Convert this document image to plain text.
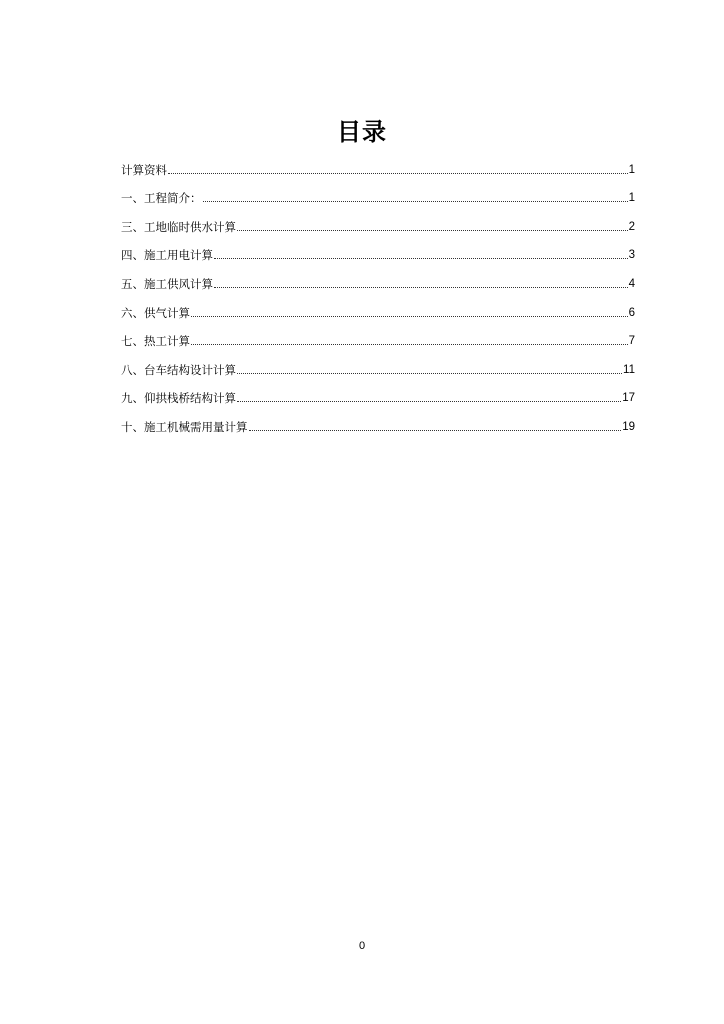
目录
计算资料	1
一、工程简介：	1
三、工地临时供水计算	2
四、施工用电计算	3
五、施工供风计算	4
六、供气计算	6
七、热工计算	7
八、台车结构设计计算	11
九、仰拱栈桥结构计算	17
十、施工机械需用量计算	19
0
